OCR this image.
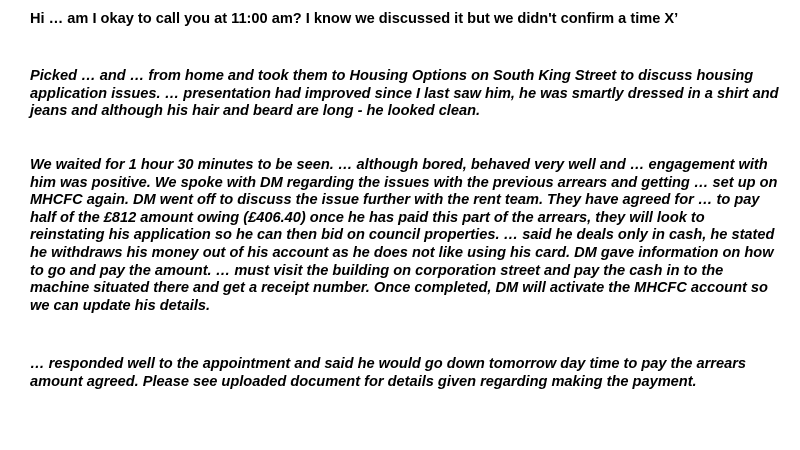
Hi … am I okay to call you at 11:00 am? I know we discussed it but we didn't confirm a time X’

Picked … and … from home and took them to Housing Options on South King Street to discuss housing application issues. … presentation had improved since I last saw him, he was smartly dressed in a shirt and jeans and although his hair and beard are long - he looked clean.

We waited for 1 hour 30 minutes to be seen. … although bored, behaved very well and … engagement with him was positive. We spoke with DM regarding the issues with the previous arrears and getting … set up on MHCFC again. DM went off to discuss the issue further with the rent team. They have agreed for … to pay half of the £812 amount owing (£406.40) once he has paid this part of the arrears, they will look to reinstating his application so he can then bid on council properties. … said he deals only in cash, he stated he withdraws his money out of his account as he does not like using his card. DM gave information on how to go and pay the amount. … must visit the building on corporation street and pay the cash in to the machine situated there and get a receipt number. Once completed, DM will activate the MHCFC account so we can update his details.

… responded well to the appointment and said he would go down tomorrow day time to pay the arrears amount agreed. Please see uploaded document for details given regarding making the payment.
